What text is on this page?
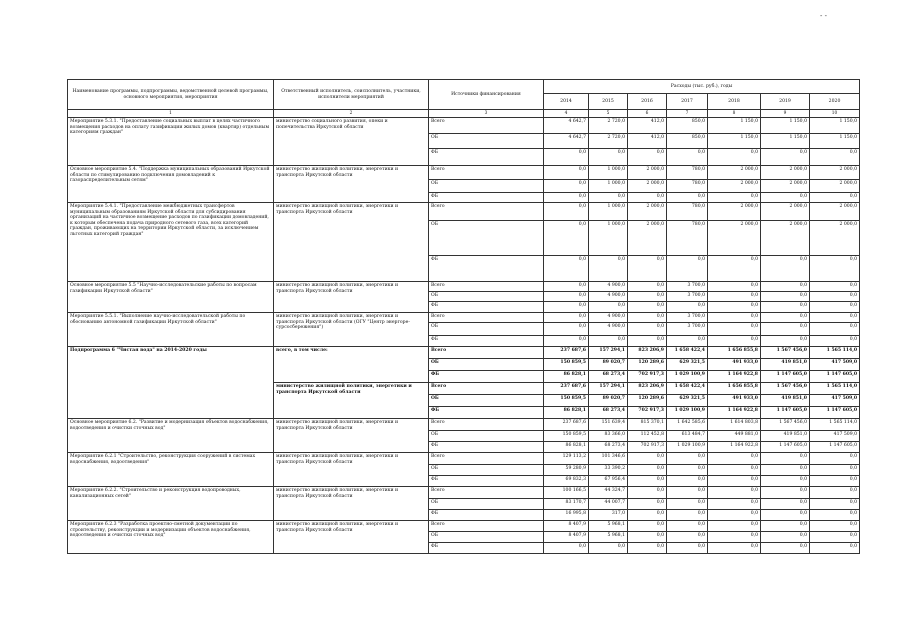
- -
Наименование программы, подпрограммы, ведомственной целевой программы, основного мероприятия, мероприятия	Ответственный исполнитель, соисполнитель, участники, исполнители мероприятий	Источники финансирования	Расходы (тыс. руб.), годы						
			2014	2015	2016	2017	2018	2019	2020
1	2	3	4	5	6	7	8	9	10
Мероприятие 5.3.1. "Предоставление социальных выплат в целях частичного возмещения расходов на оплату газификации жилых домов (квартир) отдельным категориям граждан"	министерство социального развития, опеки и попечительства Иркутской области	Всего	4 642,7	2 720,0	412,0	850,0	1 150,0	1 150,0	1 150,0
		ОБ	4 642,7	2 720,0	412,0	850,0	1 150,0	1 150,0	1 150,0
		ФБ	0,0	0,0	0,0	0,0	0,0	0,0	0,0
Основное мероприятие 5.4. "Поддержка муниципальных образований Иркутской области по стимулированию подключения домовладений к газораспределительным сетям"	министерство жилищной политики, энергетики и транспорта Иркутской области	Всего	0,0	1 000,0	2 000,0	780,0	2 000,0	2 000,0	2 000,0
		ОБ	0,0	1 000,0	2 000,0	780,0	2 000,0	2 000,0	2 000,0
		ФБ	0,0	0,0	0,0	0,0	0,0	0,0	0,0
Мероприятие 5.4.1. "Предоставление межбюджетных трансфертов муниципальным образованиям Иркутской области для субсидирования организаций на частичное возмещение расходов по газификации домовладений, к которым обеспечена подача природного сетевого газа, всех категорий граждан, проживающих на территории Иркутской области, за исключением льготных категорий граждан"	министерство жилищной политики, энергетики и транспорта Иркутской области	Всего	0,0	1 000,0	2 000,0	780,0	2 000,0	2 000,0	2 000,0
		ОБ	0,0	1 000,0	2 000,0	780,0	2 000,0	2 000,0	2 000,0
		ФБ	0,0	0,0	0,0	0,0	0,0	0,0	0,0
Основное мероприятие 5.5 "Научно-исследовательские работы по вопросам газификации Иркутской области"	министерство жилищной политики, энергетики и транспорта Иркутской области	Всего	0,0	4 900,0	0,0	3 700,0	0,0	0,0	0,0
		ОБ	0,0	4 900,0	0,0	3 700,0	0,0	0,0	0,0
		ФБ	0,0	0,0	0,0	0,0	0,0	0,0	0,0
Мероприятие 5.5.1. "Выполнение научно-исследовательской работы по обоснованию автономной газификации Иркутской области"	министерство жилищной политики, энергетики и транспорта Иркутской области (ОГУ "Центр энергоре-сурсосбережения")	Всего	0,0	4 900,0	0,0	3 700,0	0,0	0,0	0,0
		ОБ	0,0	4 900,0	0,0	3 700,0	0,0	0,0	0,0
		ФБ	0,0	0,0	0,0	0,0	0,0	0,0	0,0
Подпрограмма 6 "Чистая вода" на 2014-2020 годы	всего, в том числе:	Всего	237 687,6	157 294,1	823 206,9	1 658 422,4	1 656 855,8	1 567 456,0	1 565 114,0
		ОБ	150 859,5	89 020,7	120 289,6	629 321,5	491 933,0	419 851,0	417 509,0
		ФБ	86 828,1	68 273,4	702 917,3	1 029 100,9	1 164 922,8	1 147 605,0	1 147 605,0
	министерство жилищной политики, энергетики и транспорта Иркутской области	Всего	237 687,6	157 294,1	823 206,9	1 658 422,4	1 656 855,8	1 567 456,0	1 565 114,0
		ОБ	150 859,5	89 020,7	120 289,6	629 321,5	491 933,0	419 851,0	417 509,0
		ФБ	86 828,1	68 273,4	702 917,3	1 029 100,9	1 164 922,8	1 147 605,0	1 147 605,0
Основное мероприятие 6.2. "Развитие и модернизация объектов водоснабжения, водоотведения и очистки сточных вод"	министерство жилищной политики, энергетики и транспорта Иркутской области	Всего	237 687,6	151 639,4	815 370,1	1 642 585,6	1 614 803,8	1 567 456,0	1 565 114,0
		ОБ	150 859,5	83 366,0	112 452,8	613 484,7	449 881,0	419 851,0	417 509,0
		ФБ	86 828,1	68 273,4	702 917,3	1 029 100,9	1 164 922,8	1 147 605,0	1 147 605,0
Мероприятие 6.2.1 "Строительство, реконструкция сооружений в системах водоснабжения, водоотведения"	министерство жилищной политики, энергетики и транспорта Иркутской области	Всего	129 113,2	101 346,6	0,0	0,0	0,0	0,0	0,0
		ОБ	59 280,9	33 390,2	0,0	0,0	0,0	0,0	0,0
		ФБ	69 832,3	67 956,4	0,0	0,0	0,0	0,0	0,0
Мероприятие 6.2.2. "Строительство и реконструкция водопроводных, канализационных сетей"	министерство жилищной политики, энергетики и транспорта Иркутской области	Всего	100 166,5	44 324,7	0,0	0,0	0,0	0,0	0,0
		ОБ	83 170,7	44 007,7	0,0	0,0	0,0	0,0	0,0
		ФБ	16 995,8	317,0	0,0	0,0	0,0	0,0	0,0
Мероприятие 6.2.3 "Разработка проектно-сметной документации по строительству, реконструкции и модернизации объектов водоснабжения, водоотведения и очистки сточных вод"	министерство жилищной политики, энергетики и транспорта Иркутской области	Всего	8 407,9	5 968,1	0,0	0,0	0,0	0,0	0,0
		ОБ	8 407,9	5 968,1	0,0	0,0	0,0	0,0	0,0
		ФБ	0,0	0,0	0,0	0,0	0,0	0,0	0,0
